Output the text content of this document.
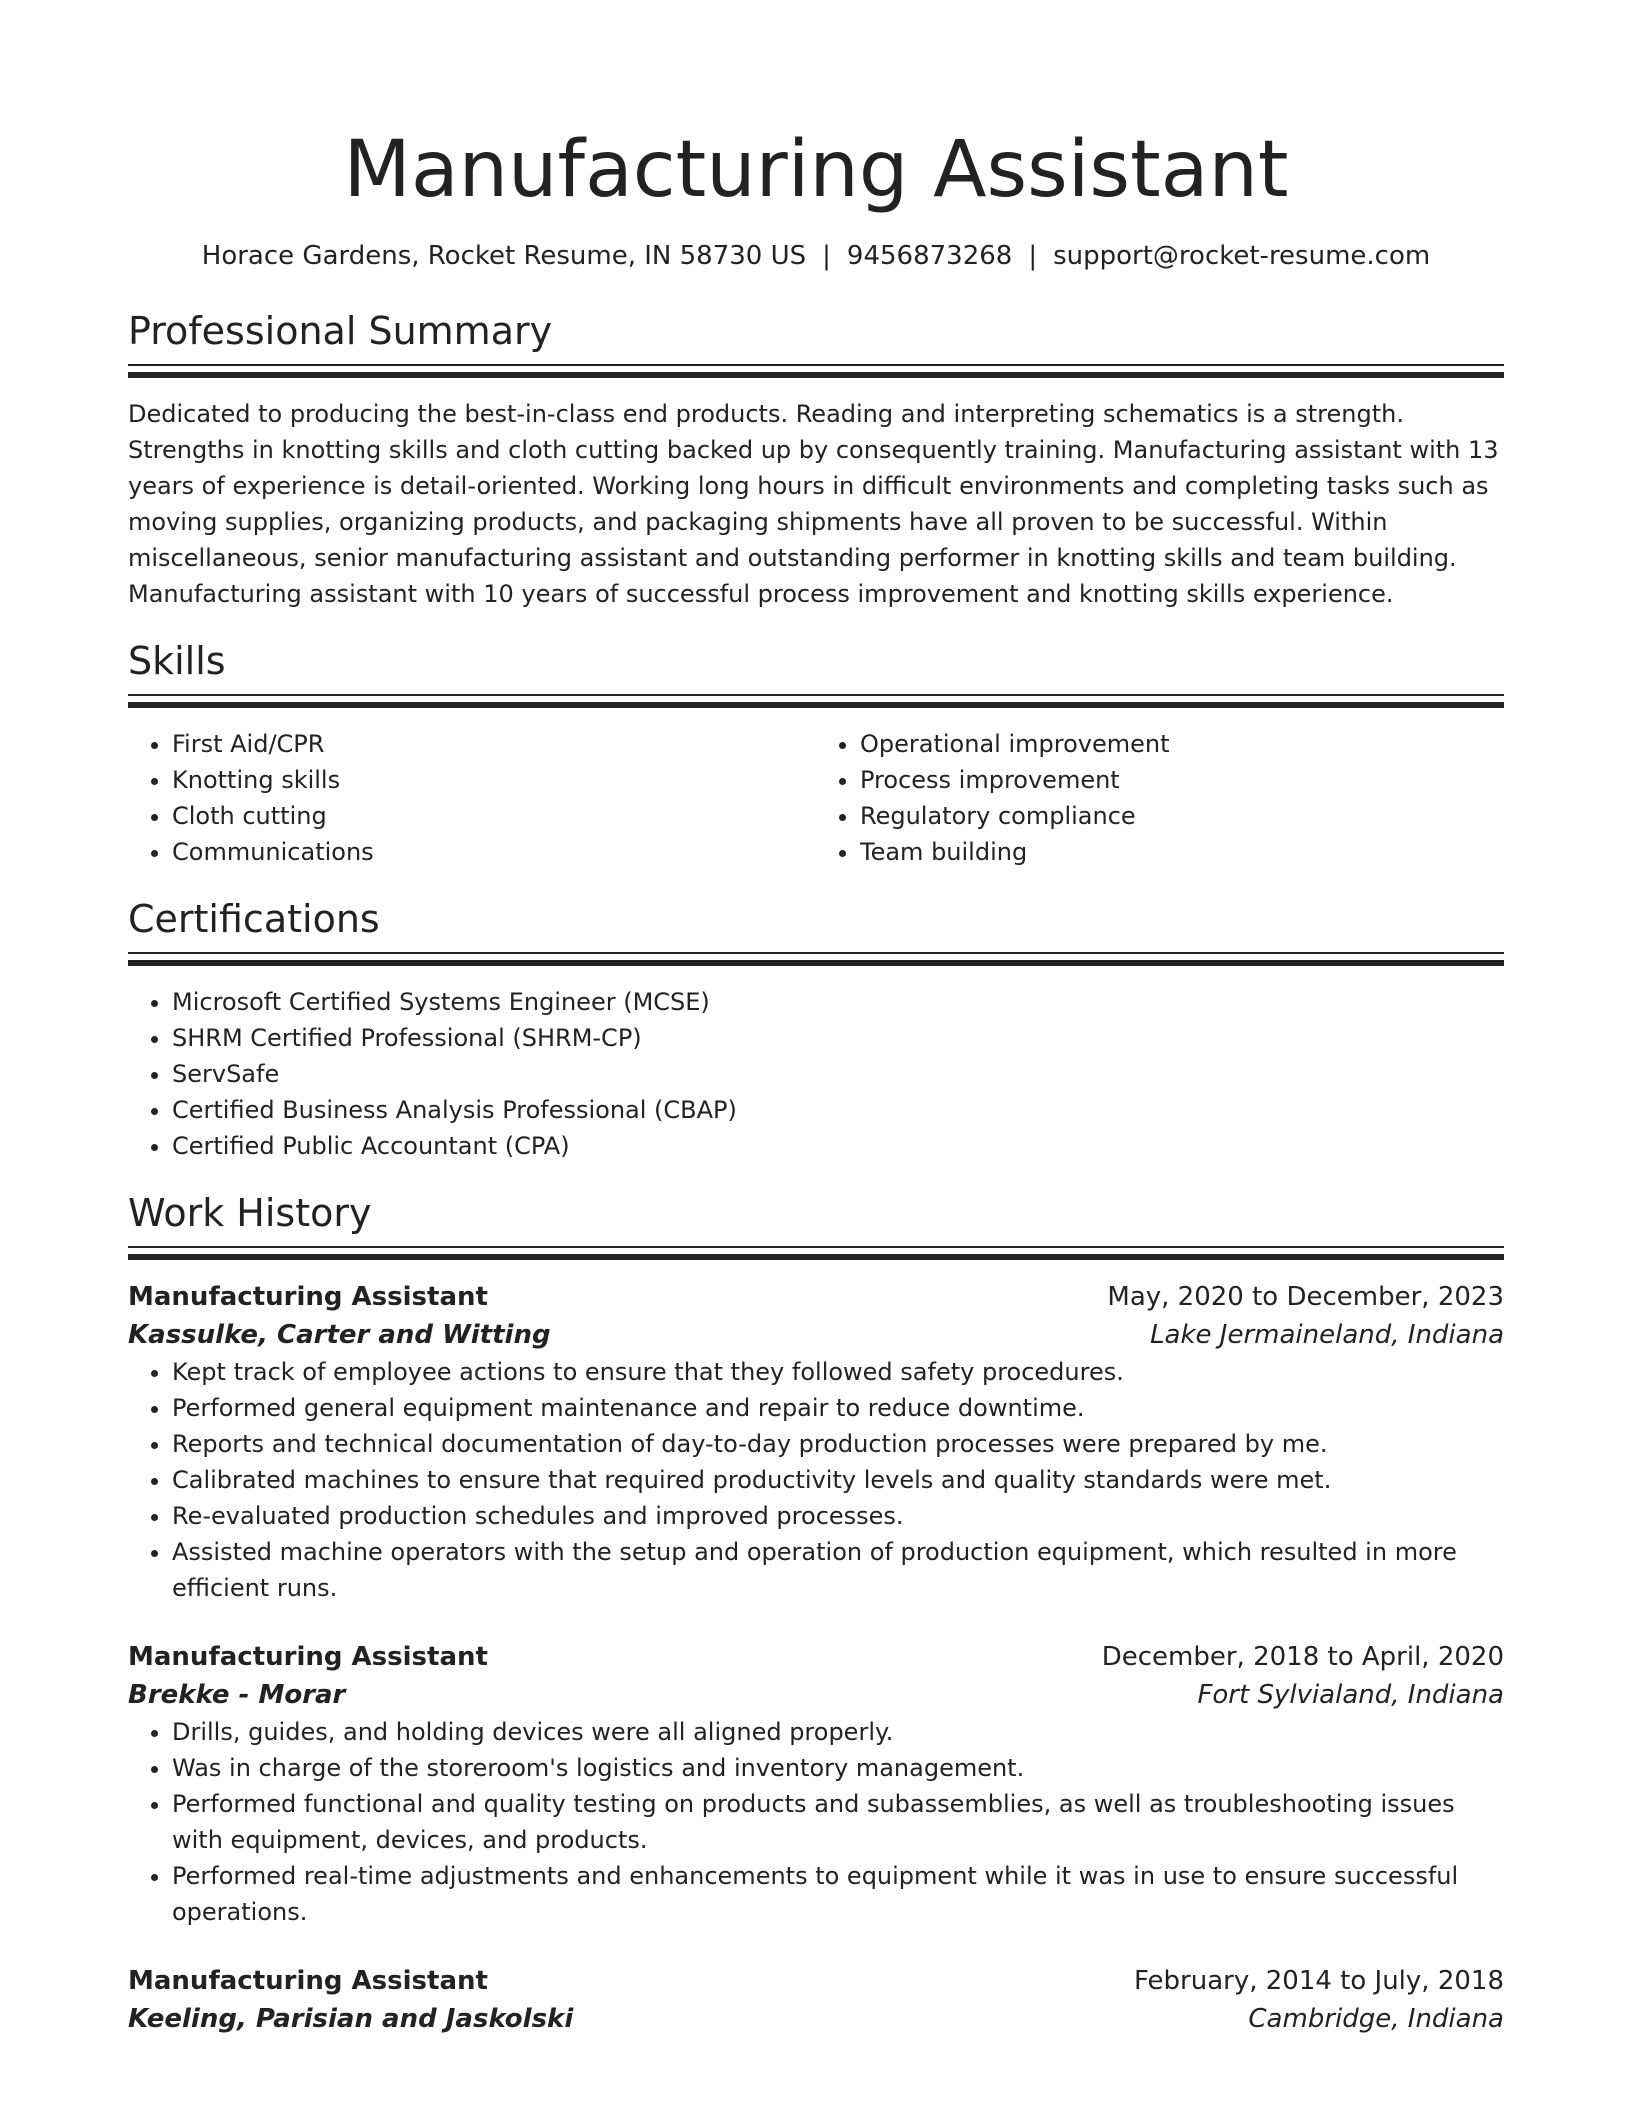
Manufacturing Assistant
Horace Gardens, Rocket Resume, IN 58730 US | 9456873268 | support@rocket-resume.com
Professional Summary

Dedicated to producing the best-in-class end products. Reading and interpreting schematics is a strength. Strengths in knotting skills and cloth cutting backed up by consequently training. Manufacturing assistant with 13 years of experience is detail-oriented. Working long hours in difficult environments and completing tasks such as moving supplies, organizing products, and packaging shipments have all proven to be successful. Within miscellaneous, senior manufacturing assistant and outstanding performer in knotting skills and team building. Manufacturing assistant with 10 years of successful process improvement and knotting skills experience.

Skills
• First Aid/CPR
• Knotting skills
• Cloth cutting
• Communications
• Operational improvement
• Process improvement
• Regulatory compliance
• Team building
Certifications
• Microsoft Certified Systems Engineer (MCSE)
• SHRM Certified Professional (SHRM-CP)
• ServSafe
• Certified Business Analysis Professional (CBAP)
• Certified Public Accountant (CPA)
Work History
Manufacturing Assistant	May, 2020 to December, 2023
Kassulke, Carter and Witting	Lake Jermaineland, Indiana
• Kept track of employee actions to ensure that they followed safety procedures.
• Performed general equipment maintenance and repair to reduce downtime.
• Reports and technical documentation of day-to-day production processes were prepared by me.
• Calibrated machines to ensure that required productivity levels and quality standards were met.
• Re-evaluated production schedules and improved processes.
• Assisted machine operators with the setup and operation of production equipment, which resulted in more efficient runs.
Manufacturing Assistant	December, 2018 to April, 2020
Brekke - Morar	Fort Sylvialand, Indiana
• Drills, guides, and holding devices were all aligned properly.
• Was in charge of the storeroom's logistics and inventory management.
• Performed functional and quality testing on products and subassemblies, as well as troubleshooting issues with equipment, devices, and products.
• Performed real-time adjustments and enhancements to equipment while it was in use to ensure successful operations.
Manufacturing Assistant	February, 2014 to July, 2018
Keeling, Parisian and Jaskolski	Cambridge, Indiana
